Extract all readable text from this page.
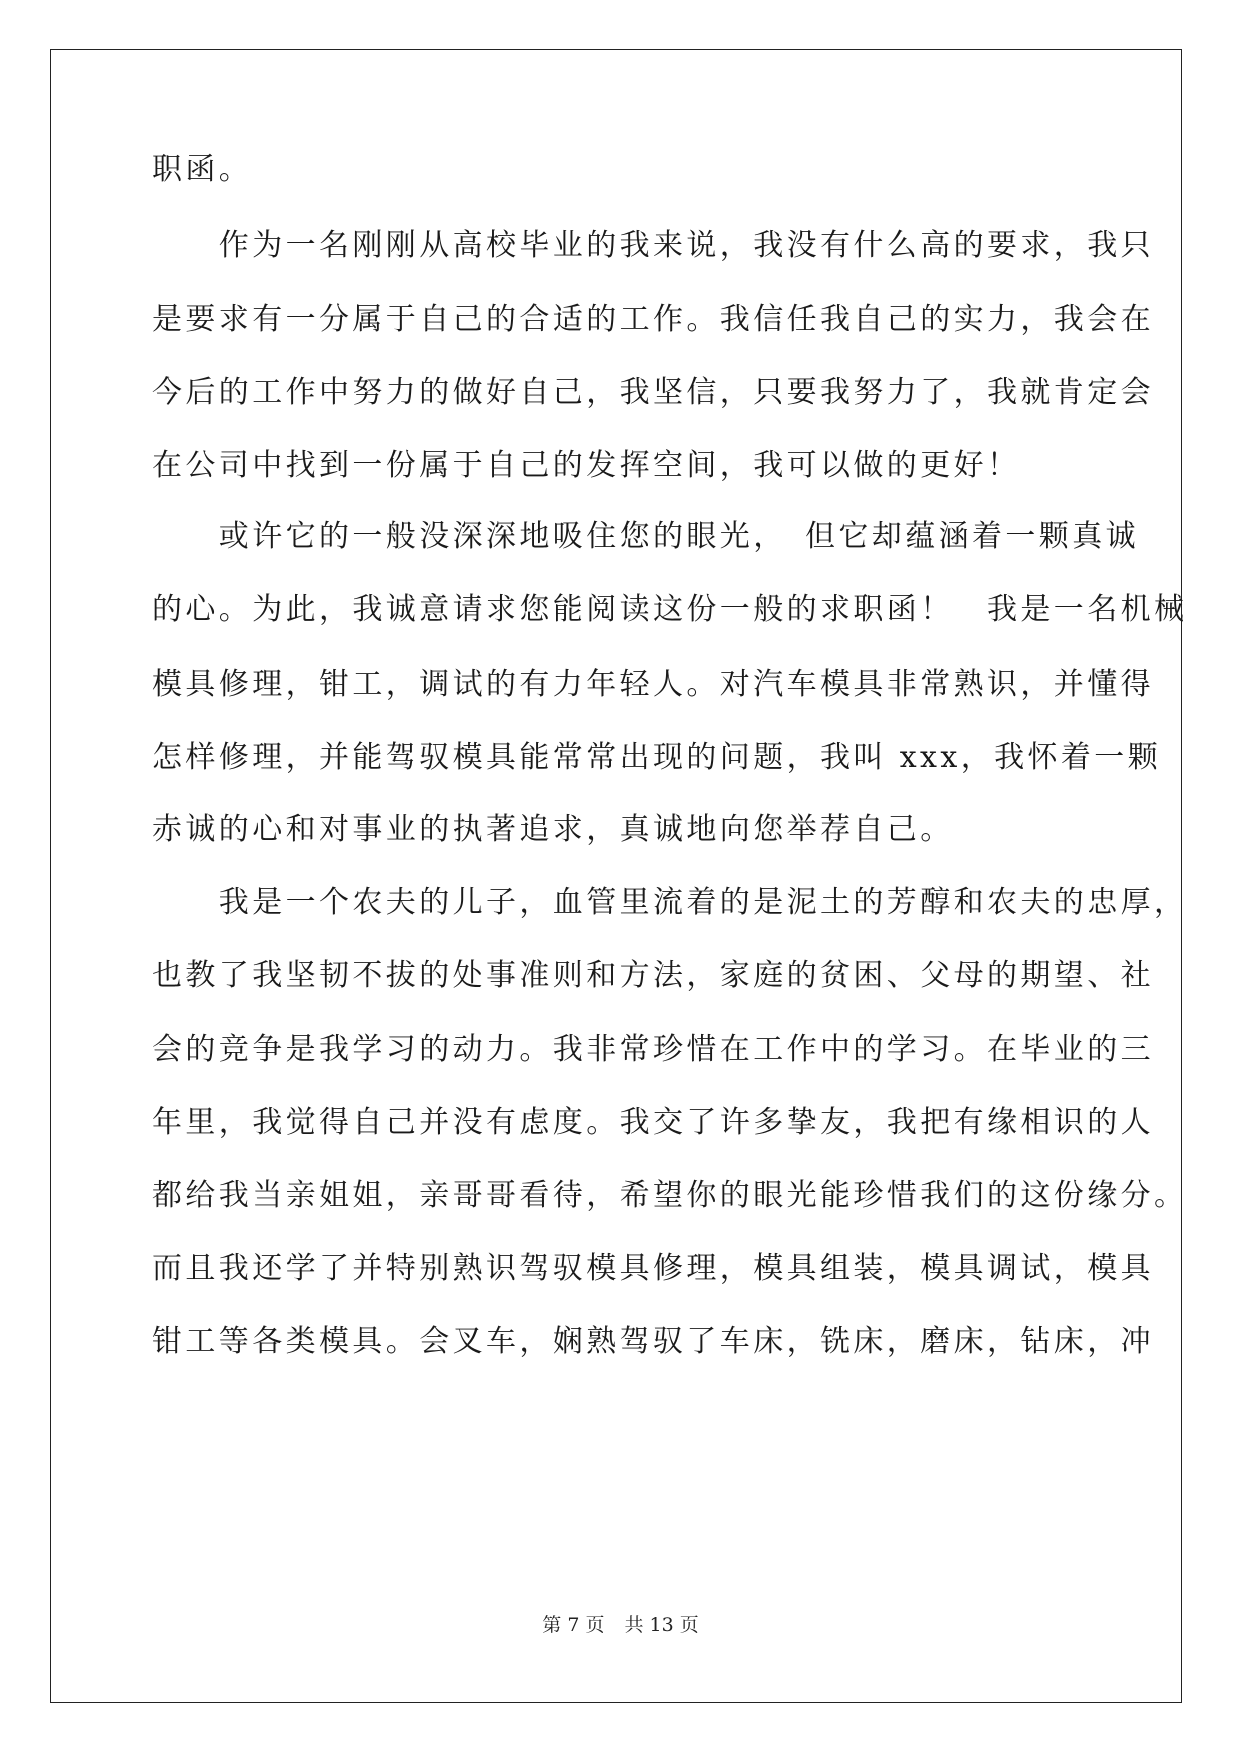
职函。
　　作为一名刚刚从高校毕业的我来说，我没有什么高的要求，我只
是要求有一分属于自己的合适的工作。我信任我自己的实力，我会在
今后的工作中努力的做好自己，我坚信，只要我努力了，我就肯定会
在公司中找到一份属于自己的发挥空间，我可以做的更好！
　　或许它的一般没深深地吸住您的眼光，　但它却蕴涵着一颗真诚
的心。为此，我诚意请求您能阅读这份一般的求职函！　我是一名机械
模具修理，钳工，调试的有力年轻人。对汽车模具非常熟识，并懂得
怎样修理，并能驾驭模具能常常出现的问题，我叫 xxx，我怀着一颗
赤诚的心和对事业的执著追求，真诚地向您举荐自己。
　　我是一个农夫的儿子，血管里流着的是泥土的芳醇和农夫的忠厚，
也教了我坚韧不拔的处事准则和方法，家庭的贫困、父母的期望、社
会的竞争是我学习的动力。我非常珍惜在工作中的学习。在毕业的三
年里，我觉得自己并没有虑度。我交了许多挚友，我把有缘相识的人
都给我当亲姐姐，亲哥哥看待，希望你的眼光能珍惜我们的这份缘分。
而且我还学了并特别熟识驾驭模具修理，模具组装，模具调试，模具
钳工等各类模具。会叉车，娴熟驾驭了车床，铣床，磨床，钻床，冲
第 7 页 共 13 页
